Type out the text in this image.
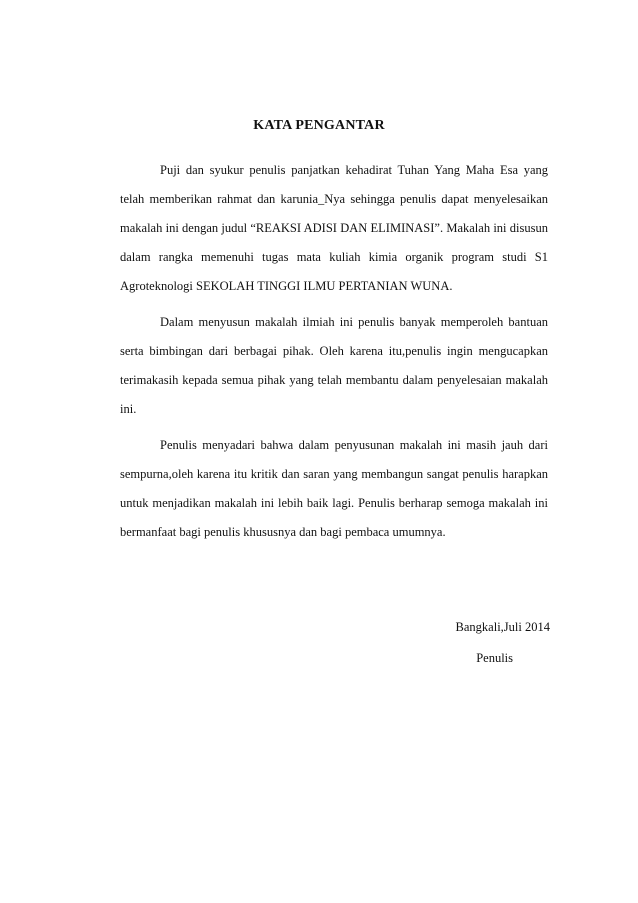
KATA PENGANTAR

Puji dan syukur penulis panjatkan kehadirat Tuhan Yang Maha Esa yang telah memberikan rahmat dan karunia_Nya sehingga penulis dapat menyelesaikan makalah ini dengan judul “REAKSI ADISI DAN ELIMINASI”. Makalah ini disusun dalam rangka memenuhi tugas mata kuliah kimia organik program studi S1 Agroteknologi SEKOLAH TINGGI ILMU PERTANIAN WUNA.

Dalam menyusun makalah ilmiah ini penulis banyak memperoleh bantuan serta bimbingan dari berbagai pihak. Oleh karena itu,penulis ingin mengucapkan terimakasih kepada semua pihak yang telah membantu dalam penyelesaian makalah ini.

Penulis menyadari bahwa dalam penyusunan makalah ini masih jauh dari sempurna,oleh karena itu kritik dan saran yang membangun sangat penulis harapkan untuk menjadikan makalah ini lebih baik lagi. Penulis berharap semoga makalah ini bermanfaat bagi penulis khususnya dan bagi pembaca umumnya.

Bangkali,Juli 2014
Penulis
